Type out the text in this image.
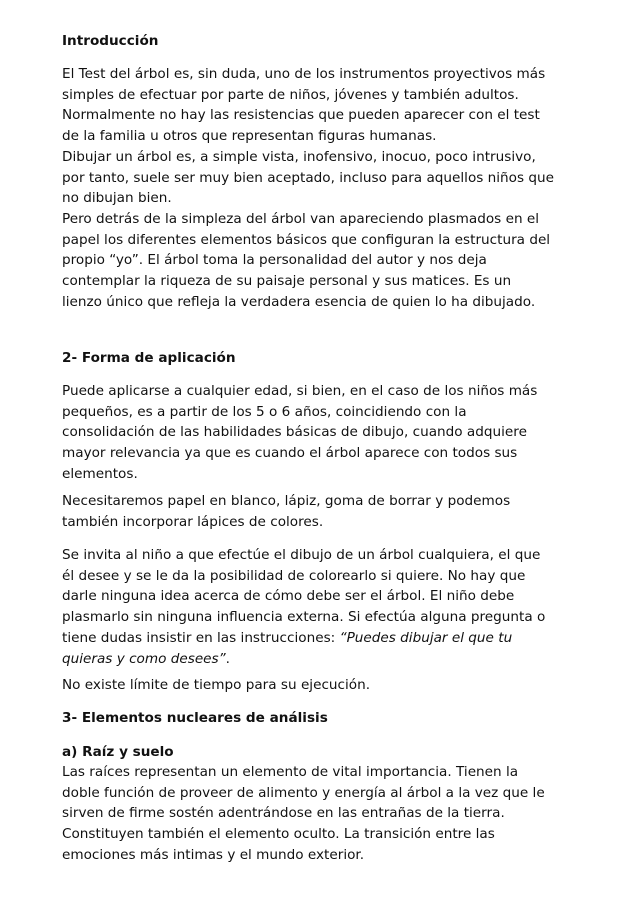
Introducción

El Test del árbol es, sin duda, uno de los instrumentos proyectivos más
simples de efectuar por parte de niños, jóvenes y también adultos.
Normalmente no hay las resistencias que pueden aparecer con el test
de la familia u otros que representan figuras humanas.
Dibujar un árbol es, a simple vista, inofensivo, inocuo, poco intrusivo,
por tanto, suele ser muy bien aceptado, incluso para aquellos niños que
no dibujan bien.

Pero detrás de la simpleza del árbol van apareciendo plasmados en el
papel los diferentes elementos básicos que configuran la estructura del
propio “yo”. El árbol toma la personalidad del autor y nos deja
contemplar la riqueza de su paisaje personal y sus matices. Es un
lienzo único que refleja la verdadera esencia de quien lo ha dibujado.

2- Forma de aplicación

Puede aplicarse a cualquier edad, si bien, en el caso de los niños más
pequeños, es a partir de los 5 o 6 años, coincidiendo con la
consolidación de las habilidades básicas de dibujo, cuando adquiere
mayor relevancia ya que es cuando el árbol aparece con todos sus
elementos.

Necesitaremos papel en blanco, lápiz, goma de borrar y podemos
también incorporar lápices de colores.

Se invita al niño a que efectúe el dibujo de un árbol cualquiera, el que
él desee y se le da la posibilidad de colorearlo si quiere. No hay que
darle ninguna idea acerca de cómo debe ser el árbol. El niño debe
plasmarlo sin ninguna influencia externa. Si efectúa alguna pregunta o
tiene dudas insistir en las instrucciones: “Puedes dibujar el que tu
quieras y como desees”.

No existe límite de tiempo para su ejecución.

3- Elementos nucleares de análisis
a) Raíz y suelo

Las raíces representan un elemento de vital importancia. Tienen la
doble función de proveer de alimento y energía al árbol a la vez que le
sirven de firme sostén adentrándose en las entrañas de la tierra.
Constituyen también el elemento oculto. La transición entre las
emociones más intimas y el mundo exterior.
